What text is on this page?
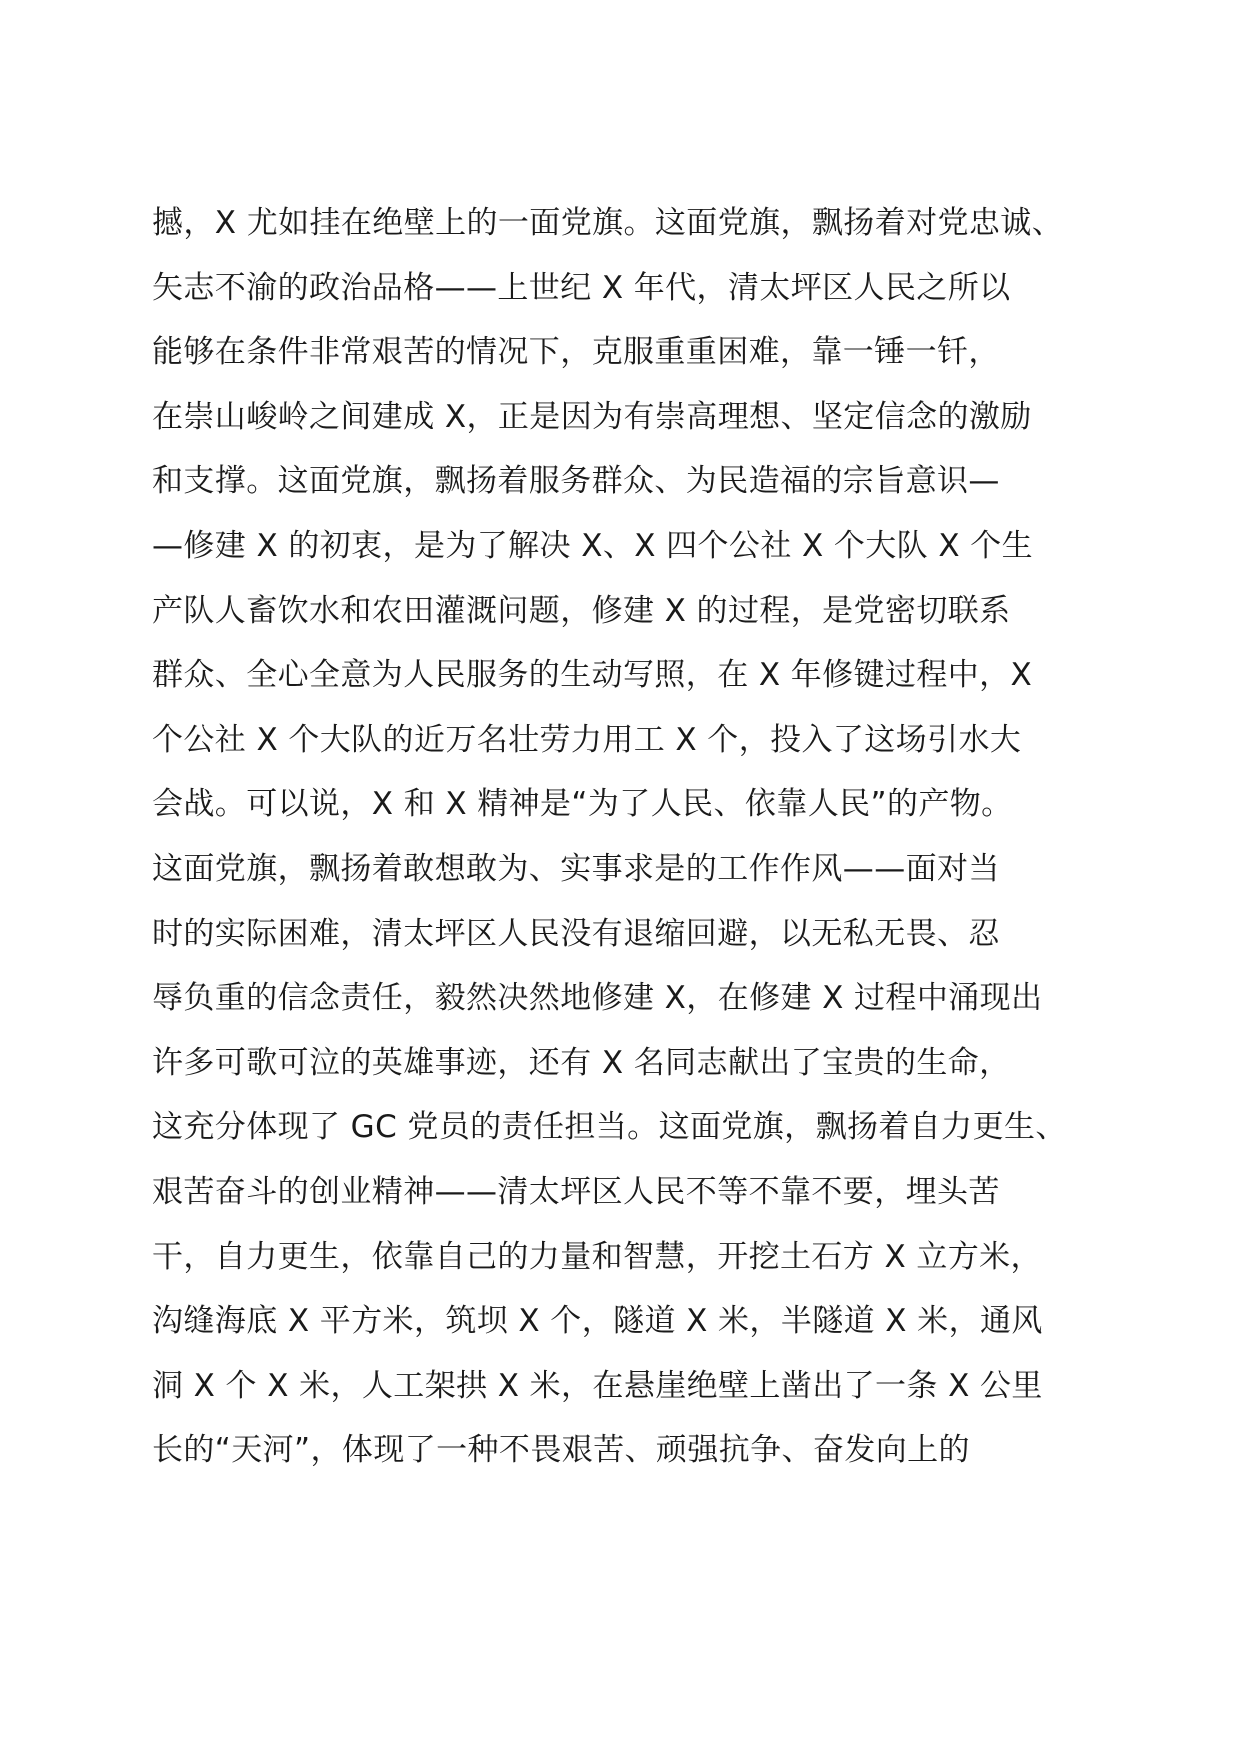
撼，X 尤如挂在绝壁上的一面党旗。这面党旗，飘扬着对党忠诚、
矢志不渝的政治品格——上世纪 X 年代，清太坪区人民之所以
能够在条件非常艰苦的情况下，克服重重困难，靠一锤一钎，
在崇山峻岭之间建成 X，正是因为有崇高理想、坚定信念的激励
和支撑。这面党旗，飘扬着服务群众、为民造福的宗旨意识—
—修建 X 的初衷，是为了解决 X、X 四个公社 X 个大队 X 个生
产队人畜饮水和农田灌溉问题，修建 X 的过程，是党密切联系
群众、全心全意为人民服务的生动写照，在 X 年修键过程中，X
个公社 X 个大队的近万名壮劳力用工 X 个，投入了这场引水大
会战。可以说，X 和 X 精神是“为了人民、依靠人民”的产物。
这面党旗，飘扬着敢想敢为、实事求是的工作作风——面对当
时的实际困难，清太坪区人民没有退缩回避，以无私无畏、忍
辱负重的信念责任，毅然决然地修建 X，在修建 X 过程中涌现出
许多可歌可泣的英雄事迹，还有 X 名同志献出了宝贵的生命，
这充分体现了 GC 党员的责任担当。这面党旗，飘扬着自力更生、
艰苦奋斗的创业精神——清太坪区人民不等不靠不要，埋头苦
干，自力更生，依靠自己的力量和智慧，开挖土石方 X 立方米，
沟缝海底 X 平方米，筑坝 X 个，隧道 X 米，半隧道 X 米，通风
洞 X 个 X 米，人工架拱 X 米，在悬崖绝壁上凿出了一条 X 公里
长的“天河”，体现了一种不畏艰苦、顽强抗争、奋发向上的
